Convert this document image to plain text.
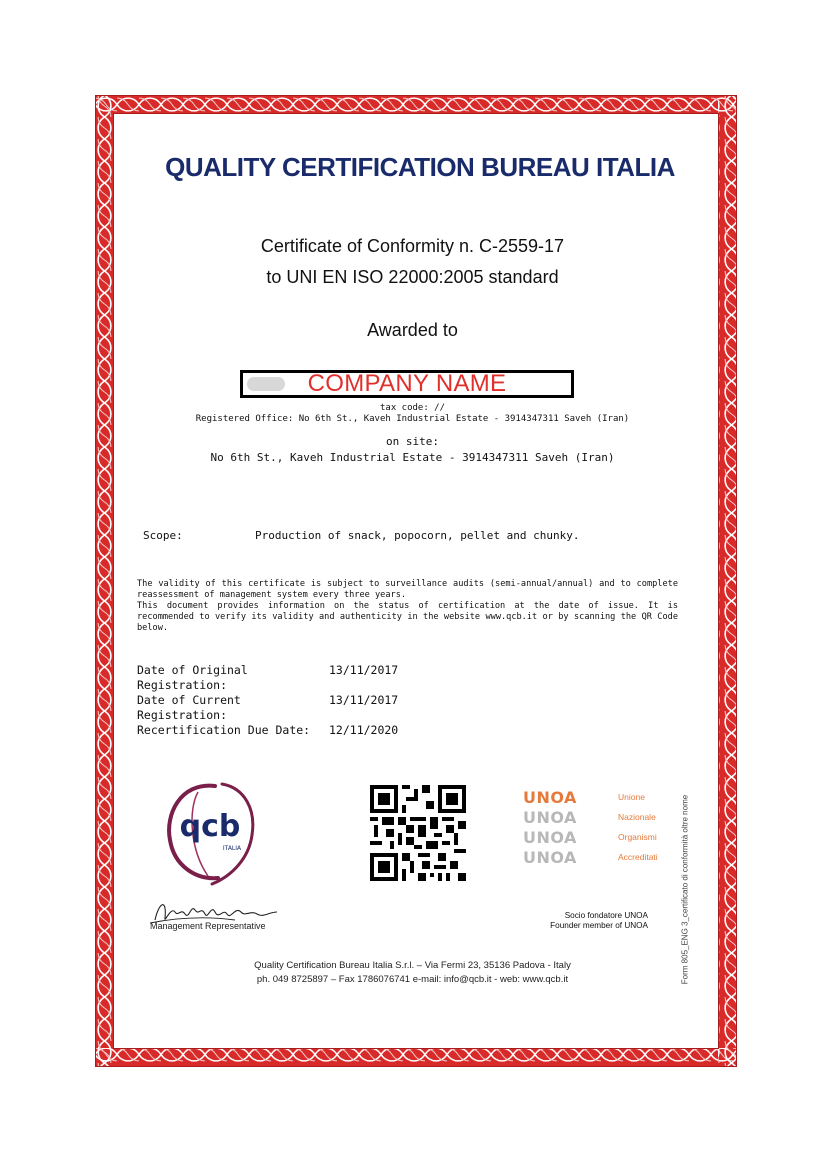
QUALITY CERTIFICATION BUREAU ITALIA

Certificate of Conformity n. C-2559-17

to UNI EN ISO 22000:2005 standard

Awarded to

COMPANY NAME

tax code: //

Registered Office: No 6th St., Kaveh Industrial Estate - 3914347311 Saveh (Iran)

on site:

No 6th St., Kaveh Industrial Estate - 3914347311 Saveh (Iran)

Scope:	Production of snack, popocorn, pellet and chunky.

The validity of this certificate is subject to surveillance audits (semi-annual/annual) and to complete reassessment of management system every three years.
This document provides information on the status of certification at the date of issue. It is recommended to verify its validity and authenticity in the website www.qcb.it or by scanning the QR Code below.
Date of Original Registration:	13/11/2017
Date of Current Registration:	13/11/2017
Recertification Due Date:	12/11/2020
qcb
ITALIA
UNOA	Unione
UNOA	Nazionale
UNOA	Organismi
UNOA	Accreditati

Management Representative

Socio fondatore UNOA

Founder member of UNOA

Quality Certification Bureau Italia S.r.l. – Via Fermi 23, 35136 Padova - Italy

ph. 049 8725897 – Fax 1786076741 e-mail: info@qcb.it - web: www.qcb.it	Form 805_ENG 3_certificato di conformità oltre nome
